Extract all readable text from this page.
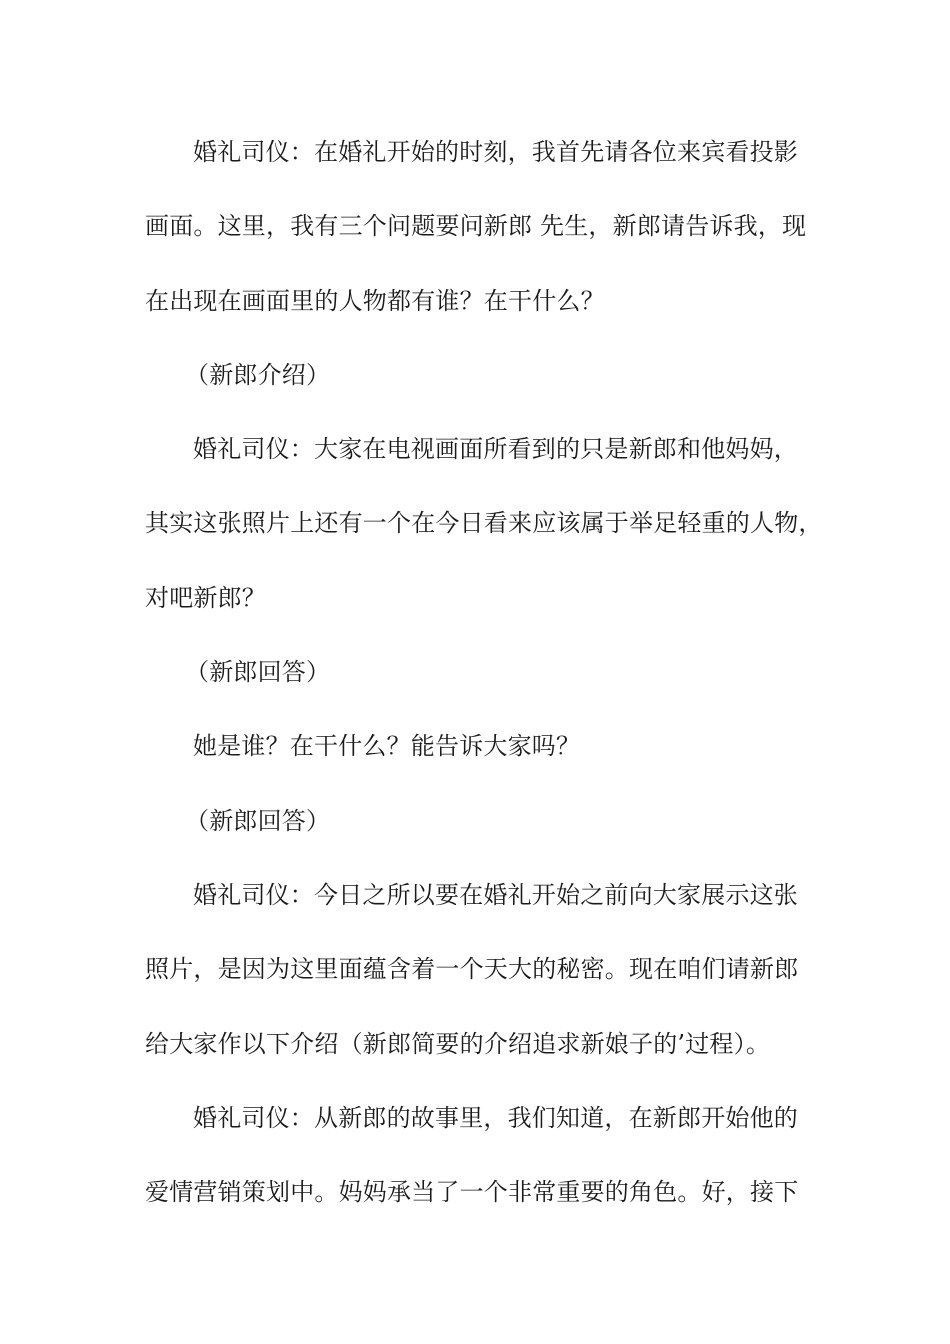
婚礼司仪：在婚礼开始的时刻，我首先请各位来宾看投影
画面。这里，我有三个问题要问新郎 先生，新郎请告诉我，现
在出现在画面里的人物都有谁？在干什么？
（新郎介绍）
婚礼司仪：大家在电视画面所看到的只是新郎和他妈妈，
其实这张照片上还有一个在今日看来应该属于举足轻重的人物，
对吧新郎？
（新郎回答）
她是谁？在干什么？能告诉大家吗？
（新郎回答）
婚礼司仪：今日之所以要在婚礼开始之前向大家展示这张
照片，是因为这里面蕴含着一个天大的秘密。现在咱们请新郎
给大家作以下介绍（新郎简要的介绍追求新娘子的’过程）。
婚礼司仪：从新郎的故事里，我们知道，在新郎开始他的
爱情营销策划中。妈妈承当了一个非常重要的角色。好，接下
